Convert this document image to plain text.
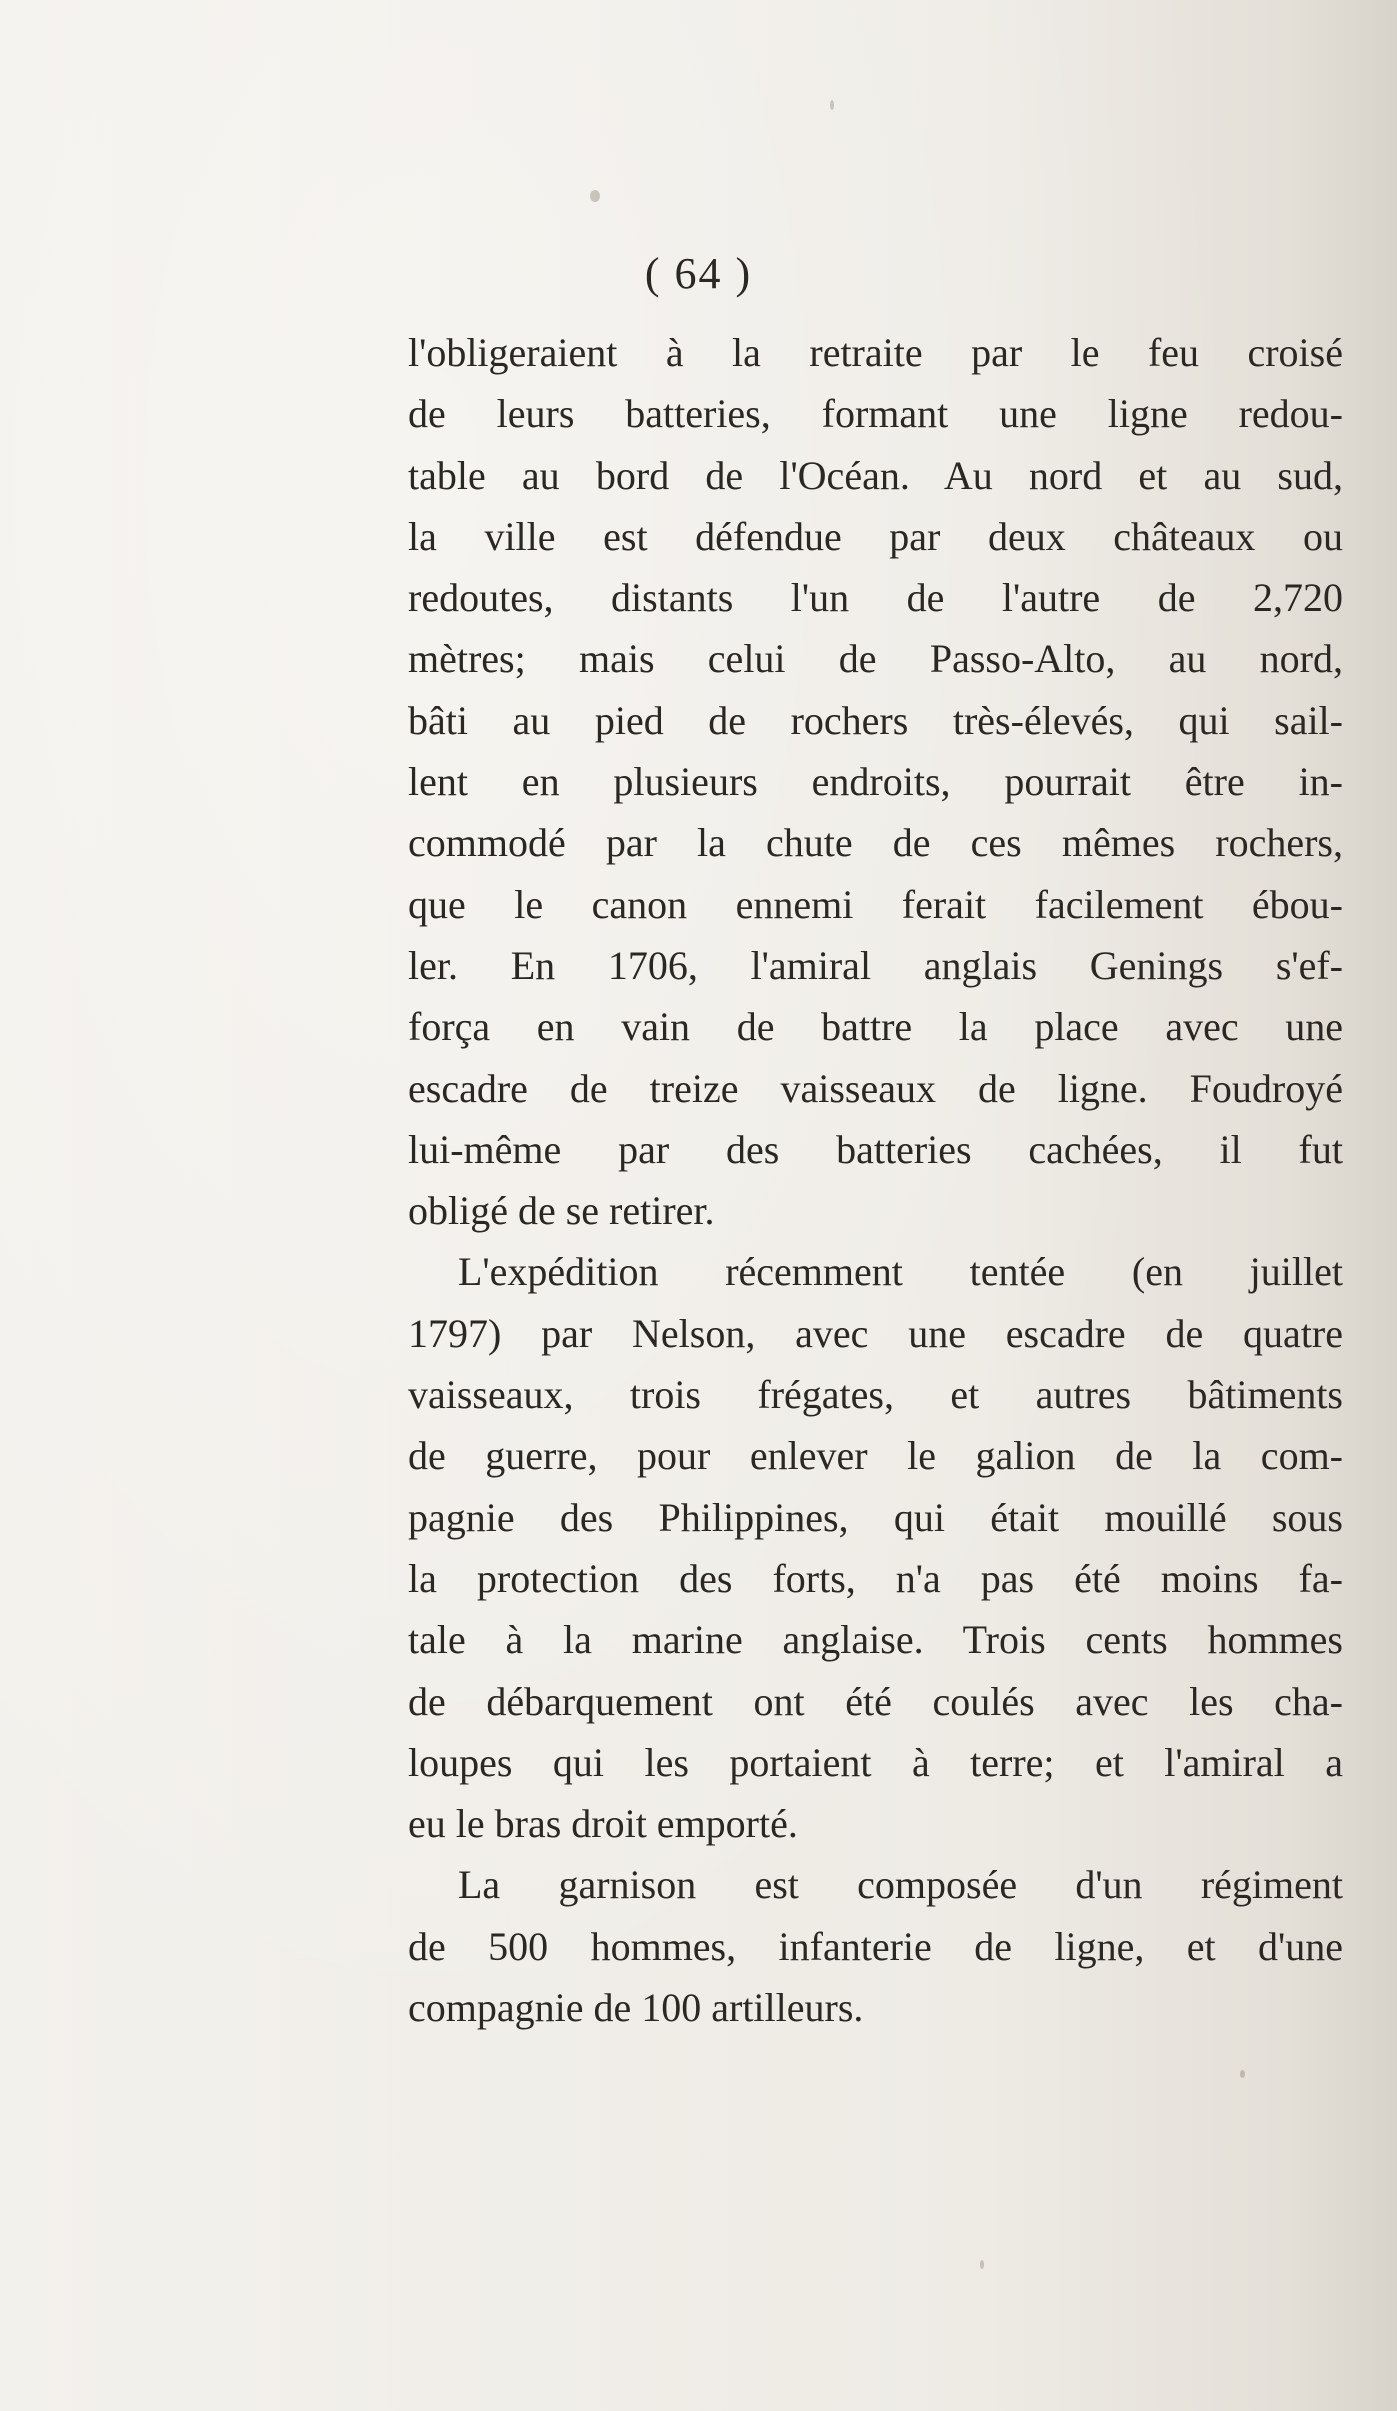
( 64 )
l'obligeraient à la retraite par le feu croisé
de leurs batteries, formant une ligne redou-
table au bord de l'Océan. Au nord et au sud,
la ville est défendue par deux châteaux ou
redoutes, distants l'un de l'autre de 2,720
mètres; mais celui de Passo-Alto, au nord,
bâti au pied de rochers très-élevés, qui sail-
lent en plusieurs endroits, pourrait être in-
commodé par la chute de ces mêmes rochers,
que le canon ennemi ferait facilement ébou-
ler. En 1706, l'amiral anglais Genings s'ef-
força en vain de battre la place avec une
escadre de treize vaisseaux de ligne. Foudroyé
lui-même par des batteries cachées, il fut
obligé de se retirer.
L'expédition récemment tentée (en juillet
1797) par Nelson, avec une escadre de quatre
vaisseaux, trois frégates, et autres bâtiments
de guerre, pour enlever le galion de la com-
pagnie des Philippines, qui était mouillé sous
la protection des forts, n'a pas été moins fa-
tale à la marine anglaise. Trois cents hommes
de débarquement ont été coulés avec les cha-
loupes qui les portaient à terre; et l'amiral a
eu le bras droit emporté.
La garnison est composée d'un régiment
de 500 hommes, infanterie de ligne, et d'une
compagnie de 100 artilleurs.
